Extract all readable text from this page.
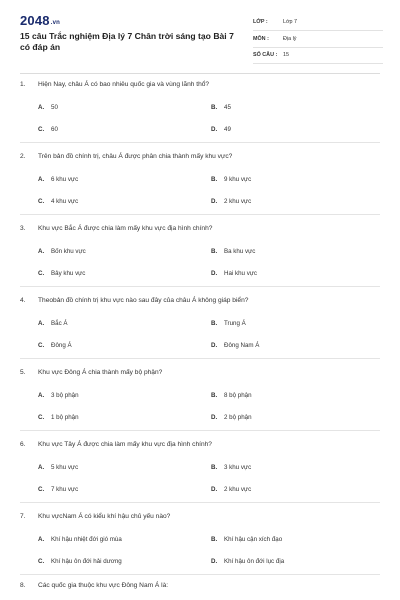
2048.vn
15 câu Trắc nghiệm Địa lý 7 Chân trời sáng tạo Bài 7 có đáp án
LỚP :	Lớp 7
MÔN :	Địa lý
SỐ CÂU : 15
1. Hiện Nay, châu Á có bao nhiêu quốc gia và vùng lãnh thổ?
A. 50	B. 45
C. 60	D. 49
2. Trên bản đồ chính trị, châu Á được phân chia thành mấy khu vực?
A. 6 khu vực	B. 9 khu vực
C. 4 khu vực	D. 2 khu vực
3. Khu vực Bắc Á được chia làm mấy khu vực địa hình chính?
A. Bốn khu vực	B. Ba khu vực
C. Bảy khu vực	D. Hai khu vực
4. Theobản đồ chính trị khu vực nào sau đây của châu Á không giáp biển?
A. Bắc Á	B. Trung Á
C. Đông Á	D. Đông Nam Á
5. Khu vực Đông Á chia thành mấy bộ phận?
A. 3 bộ phận	B. 8 bộ phận
C. 1 bộ phận	D. 2 bộ phận
6. Khu vực Tây Á được chia làm mấy khu vực địa hình chính?
A. 5 khu vực	B. 3 khu vực
C. 7 khu vực	D. 2 khu vực
7. Khu vựcNam Á có kiểu khí hậu chủ yếu nào?
A. Khí hậu nhiệt đới gió mùa	B. Khí hậu cận xích đạo
C. Khí hậu ôn đới hải dương	D. Khí hậu ôn đới lục địa
8. Các quốc gia thuộc khu vực Đông Nam Á là:
